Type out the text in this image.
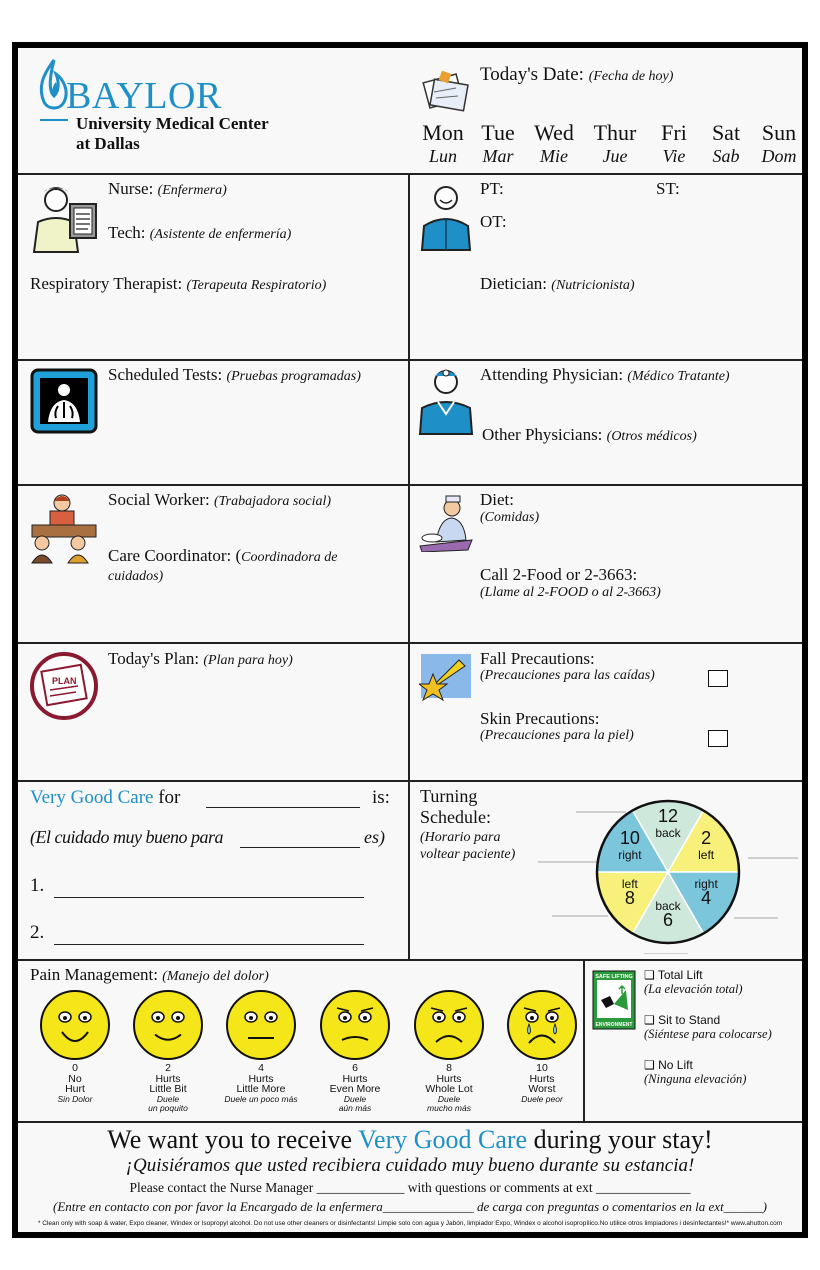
BAYLOR
University Medical Center
at Dallas
Today's Date: (Fecha de hoy)
Mon
Lun
Tue
Mar
Wed
Mie
Thur
Jue
Fri
Vie
Sat
Sab
Sun
Dom
Nurse: (Enfermera)
Tech: (Asistente de enfermería)
Respiratory Therapist: (Terapeuta Respiratorio)
PT:	ST:
OT:
Dietician: (Nutricionista)
Scheduled Tests: (Pruebas programadas)	Attending Physician: (Médico Tratante)
Other Physicians: (Otros médicos)
Social Worker: (Trabajadora social)
Care Coordinator: (Coordinadora de
cuidados)
Diet:
(Comidas)
Call 2-Food or 2-3663:
(Llame al 2-FOOD o al 2-3663)
PLAN
Today's Plan: (Plan para hoy)	Fall Precautions:
(Precauciones para las caídas)
Skin Precautions:
(Precauciones para la piel)
Very Good Care for	is:
(El cuidado muy bueno para	es)
1.
2.
Turning
Schedule:
(Horario para
voltear paciente)
12
back 2
left
right
4
back
6
left
8
10
right
Pain Management: (Manejo del dolor)
0
No
Hurt
Sin Dolor
2
Hurts
Little Bit
Duele
un poquito
4
Hurts
Little More
Duele un poco más
6
Hurts
Even More
Duele
aún más
8
Hurts
Whole Lot
Duele
mucho más
10
Hurts
Worst
Duele peor
SAFE LIFTING
ENVIRONMENT
❑ Total Lift
(La elevación total)
❑ Sit to Stand
(Siéntese para colocarse)
❑ No Lift
(Ninguna elevación)
We want you to receive Very Good Care during your stay!
¡Quisiéramos que usted recibiera cuidado muy bueno durante su estancia!
Please contact the Nurse Manager _____________ with questions or comments at ext ______________
(Entre en contacto con por favor la Encargado de la enfermera______________ de carga con preguntas o comentarios en la ext______)
* Clean only with soap & water, Expo cleaner, Windex or Isopropyl alcohol. Do not use other cleaners or disinfectants! Limpie solo con agua y Jabón, limpiador Expo, Windex o alcohol isopropílico.No utilice otros limpiadores i desinfectantes!* www.ahutton.com
